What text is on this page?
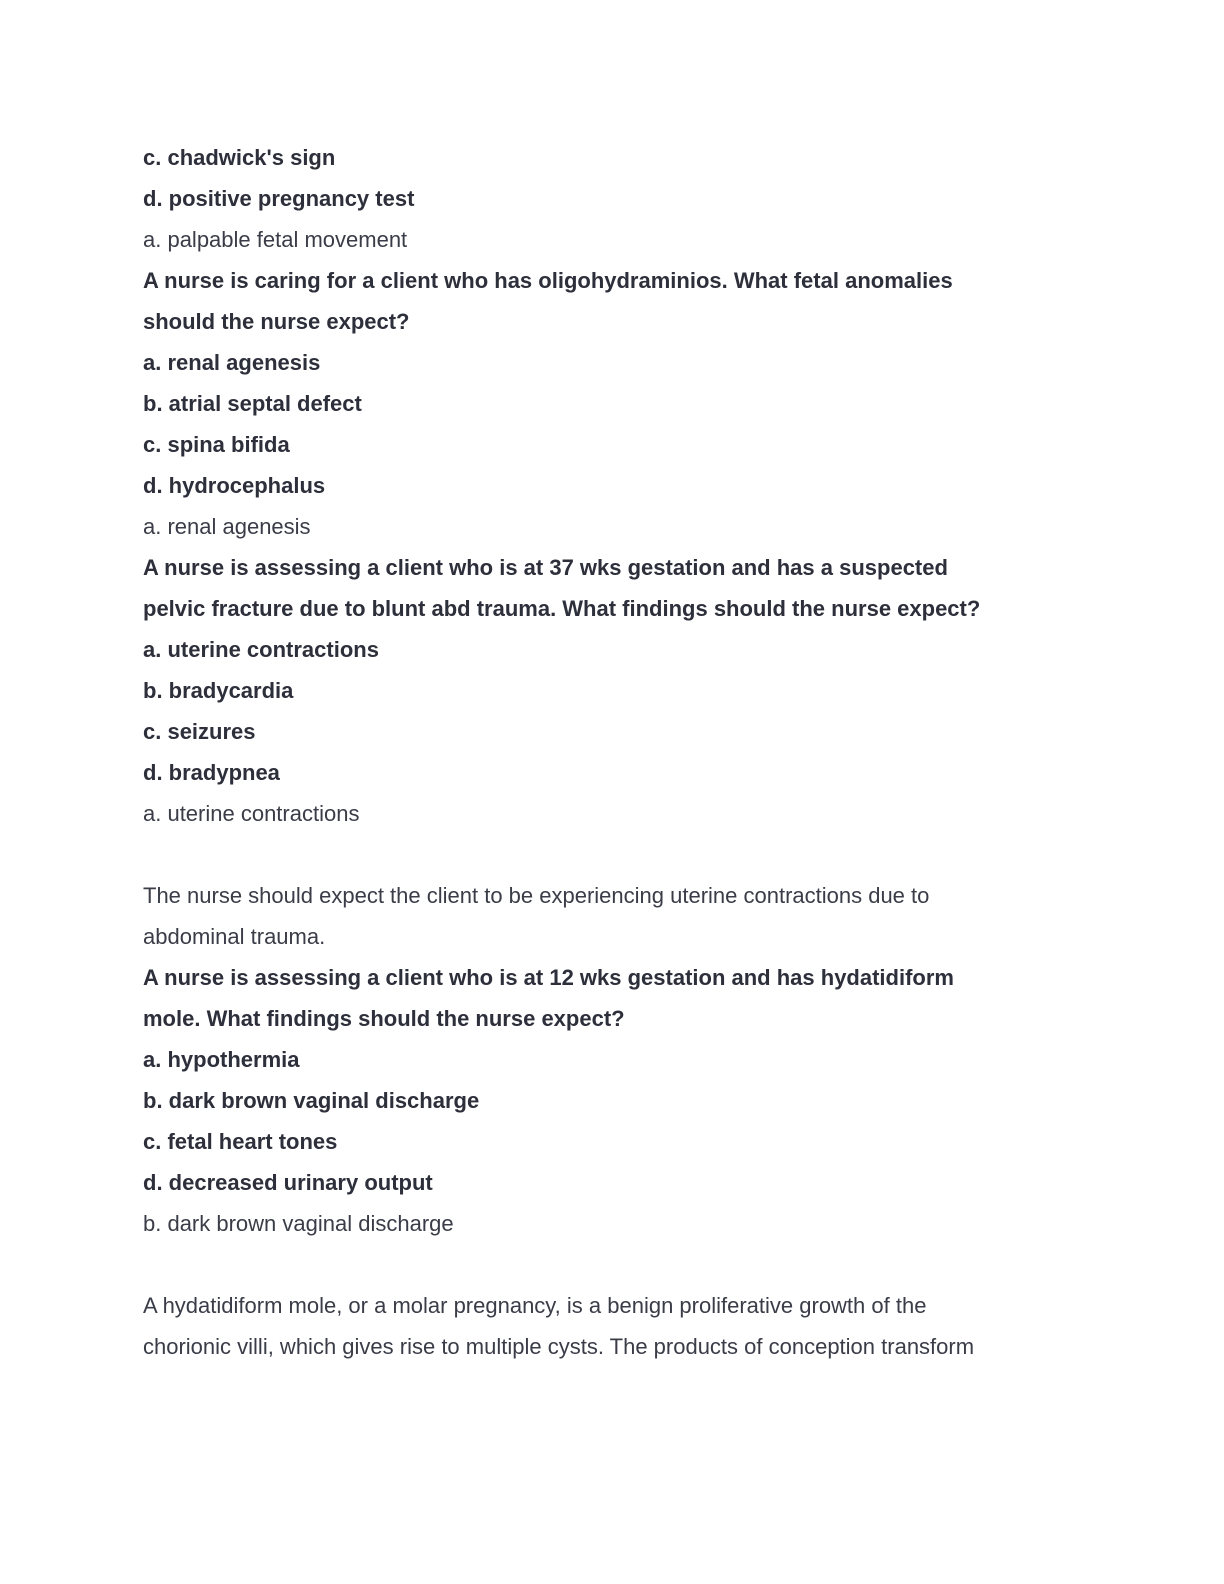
c. chadwick's sign
d. positive pregnancy test
a. palpable fetal movement
A nurse is caring for a client who has oligohydraminios. What fetal anomalies
should the nurse expect?
a. renal agenesis
b. atrial septal defect
c. spina bifida
d. hydrocephalus
a. renal agenesis
A nurse is assessing a client who is at 37 wks gestation and has a suspected
pelvic fracture due to blunt abd trauma. What findings should the nurse expect?
a. uterine contractions
b. bradycardia
c. seizures
d. bradypnea
a. uterine contractions
The nurse should expect the client to be experiencing uterine contractions due to
abdominal trauma.
A nurse is assessing a client who is at 12 wks gestation and has hydatidiform
mole. What findings should the nurse expect?
a. hypothermia
b. dark brown vaginal discharge
c. fetal heart tones
d. decreased urinary output
b. dark brown vaginal discharge
A hydatidiform mole, or a molar pregnancy, is a benign proliferative growth of the
chorionic villi, which gives rise to multiple cysts. The products of conception transform
